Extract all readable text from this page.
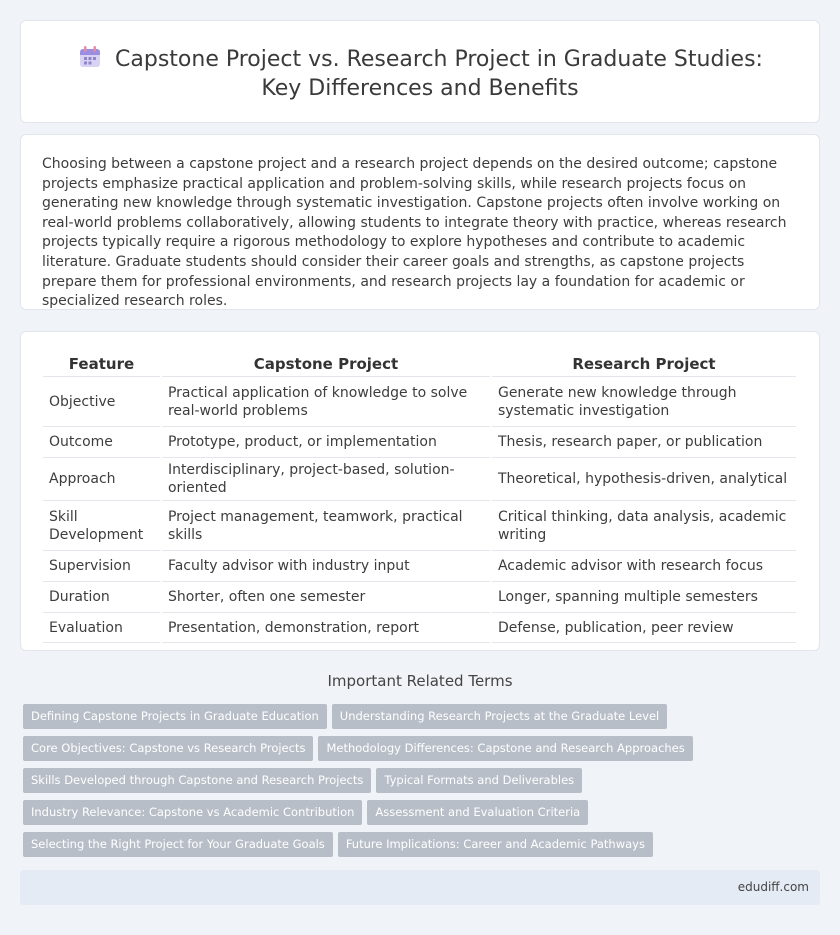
Capstone Project vs. Research Project in Graduate Studies: Key Differences and Benefits

Choosing between a capstone project and a research project depends on the desired outcome; capstone projects emphasize practical application and problem-solving skills, while research projects focus on generating new knowledge through systematic investigation. Capstone projects often involve working on real-world problems collaboratively, allowing students to integrate theory with practice, whereas research projects typically require a rigorous methodology to explore hypotheses and contribute to academic literature. Graduate students should consider their career goals and strengths, as capstone projects prepare them for professional environments, and research projects lay a foundation for academic or specialized research roles.

Feature	Capstone Project	Research Project
Objective	Practical application of knowledge to solve real-world problems	Generate new knowledge through systematic investigation
Outcome	Prototype, product, or implementation	Thesis, research paper, or publication
Approach	Interdisciplinary, project-based, solution-oriented	Theoretical, hypothesis-driven, analytical
Skill Development	Project management, teamwork, practical skills	Critical thinking, data analysis, academic writing
Supervision	Faculty advisor with industry input	Academic advisor with research focus
Duration	Shorter, often one semester	Longer, spanning multiple semesters
Evaluation	Presentation, demonstration, report	Defense, publication, peer review
Important Related Terms
Defining Capstone Projects in Graduate Education Understanding Research Projects at the Graduate Level
Core Objectives: Capstone vs Research Projects Methodology Differences: Capstone and Research Approaches
Skills Developed through Capstone and Research Projects Typical Formats and Deliverables
Industry Relevance: Capstone vs Academic Contribution Assessment and Evaluation Criteria
Selecting the Right Project for Your Graduate Goals Future Implications: Career and Academic Pathways
edudiff.com
